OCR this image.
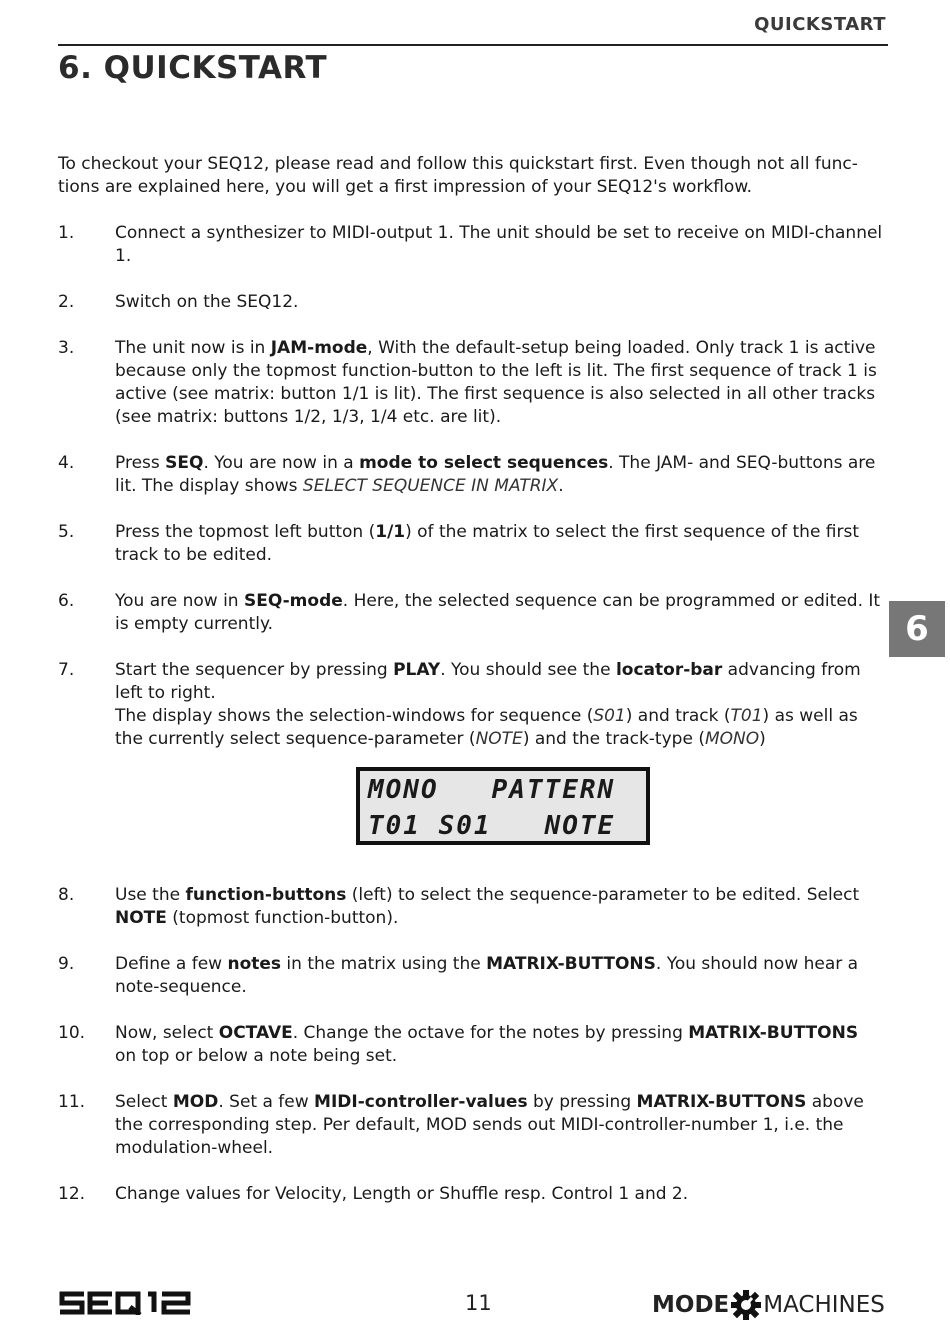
QUICKSTART
6. QUICKSTART

To checkout your SEQ12, please read and follow this quickstart first. Even though not all func-tions are explained here, you will get a first impression of your SEQ12's workflow.

1. Connect a synthesizer to MIDI-output 1. The unit should be set to receive on MIDI-channel 1.
2. Switch on the SEQ12.
3. The unit now is in JAM-mode, With the default-setup being loaded. Only track 1 is active because only the topmost function-button to the left is lit. The first sequence of track 1 is active (see matrix: button 1/1 is lit). The first sequence is also selected in all other tracks (see matrix: buttons 1/2, 1/3, 1/4 etc. are lit).
4. Press SEQ. You are now in a mode to select sequences. The JAM- and SEQ-buttons are lit. The display shows SELECT SEQUENCE IN MATRIX.
5. Press the topmost left button (1/1) of the matrix to select the first sequence of the first track to be edited.
6. You are now in SEQ-mode. Here, the selected sequence can be programmed or edited. It is empty currently.
7. Start the sequencer by pressing PLAY. You should see the locator-bar advancing from left to right.
The display shows the selection-windows for sequence (S01) and track (T01) as well as the currently select sequence-parameter (NOTE) and the track-type (MONO)
MONO PATTERN
T01 S01 NOTE
8. Use the function-buttons (left) to select the sequence-parameter to be edited. Select NOTE (topmost function-button).
9. Define a few notes in the matrix using the MATRIX-BUTTONS. You should now hear a note-sequence.
10. Now, select OCTAVE. Change the octave for the notes by pressing MATRIX-BUTTONS on top or below a note being set.
11. Select MOD. Set a few MIDI-controller-values by pressing MATRIX-BUTTONS above the corresponding step. Per default, MOD sends out MIDI-controller-number 1, i.e. the modulation-wheel.
12. Change values for Velocity, Length or Shuffle resp. Control 1 and 2.
6
11	MODE MACHINES
